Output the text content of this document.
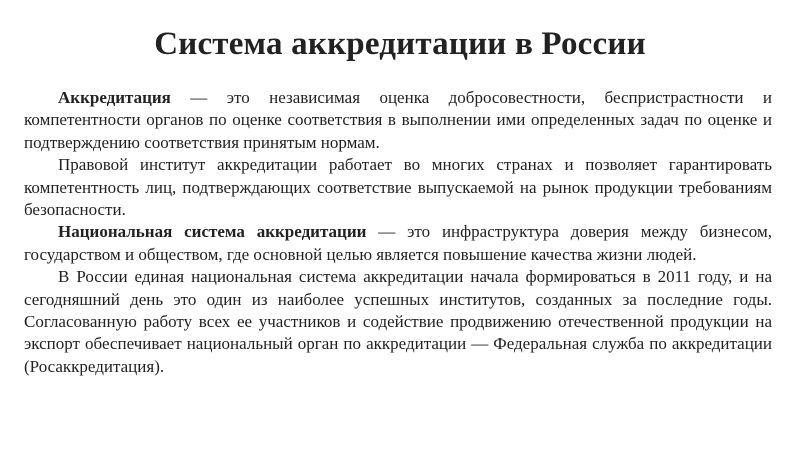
Система аккредитации в России

Аккредитация — это независимая оценка добросовестности, беспристрастности и компетентности органов по оценке соответствия в выполнении ими определенных задач по оценке и подтверждению соответствия принятым нормам.

Правовой институт аккредитации работает во многих странах и позволяет гарантировать компетентность лиц, подтверждающих соответствие выпускаемой на рынок продукции требованиям безопасности.

Национальная система аккредитации — это инфраструктура доверия между бизнесом, государством и обществом, где основной целью является повышение качества жизни людей.

В России единая национальная система аккредитации начала формироваться в 2011 году, и на сегодняшний день это один из наиболее успешных институтов, созданных за последние годы. Согласованную работу всех ее участников и содействие продвижению отечественной продукции на экспорт обеспечивает национальный орган по аккредитации — Федеральная служба по аккредитации (Росаккредитация).
